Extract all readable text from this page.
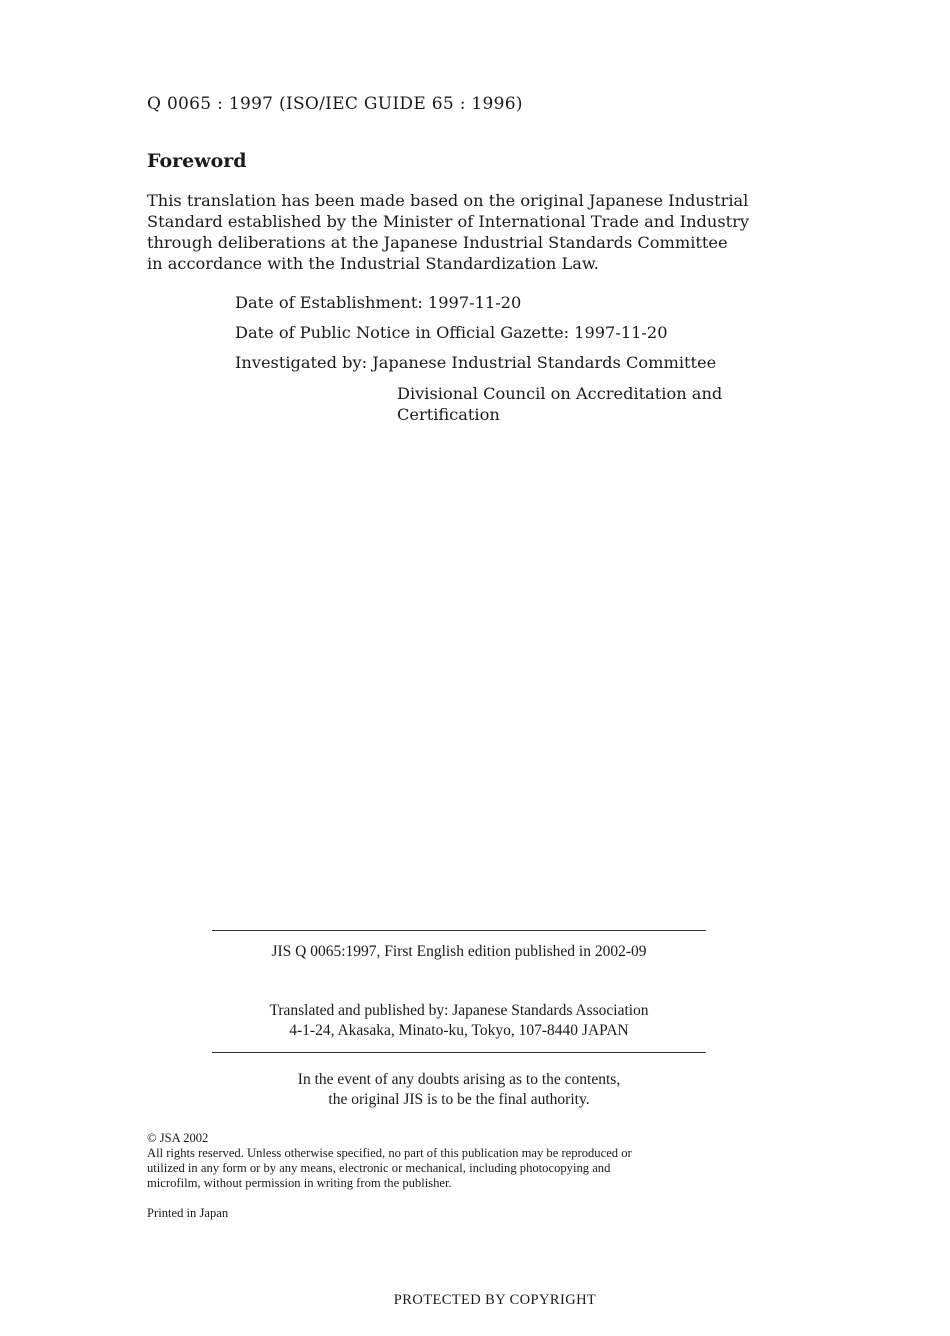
Q 0065 : 1997 (ISO/IEC GUIDE 65 : 1996)
Foreword
This translation has been made based on the original Japanese Industrial
Standard established by the Minister of International Trade and Industry
through deliberations at the Japanese Industrial Standards Committee
in accordance with the Industrial Standardization Law.
Date of Establishment: 1997-11-20
Date of Public Notice in Official Gazette: 1997-11-20
Investigated by: Japanese Industrial Standards Committee
Divisional Council on Accreditation and
Certification
JIS Q 0065:1997, First English edition published in 2002-09
Translated and published by: Japanese Standards Association
4-1-24, Akasaka, Minato-ku, Tokyo, 107-8440 JAPAN
In the event of any doubts arising as to the contents,
the original JIS is to be the final authority.
© JSA 2002
All rights reserved. Unless otherwise specified, no part of this publication may be reproduced or
utilized in any form or by any means, electronic or mechanical, including photocopying and
microfilm, without permission in writing from the publisher.
Printed in Japan
PROTECTED BY COPYRIGHT
